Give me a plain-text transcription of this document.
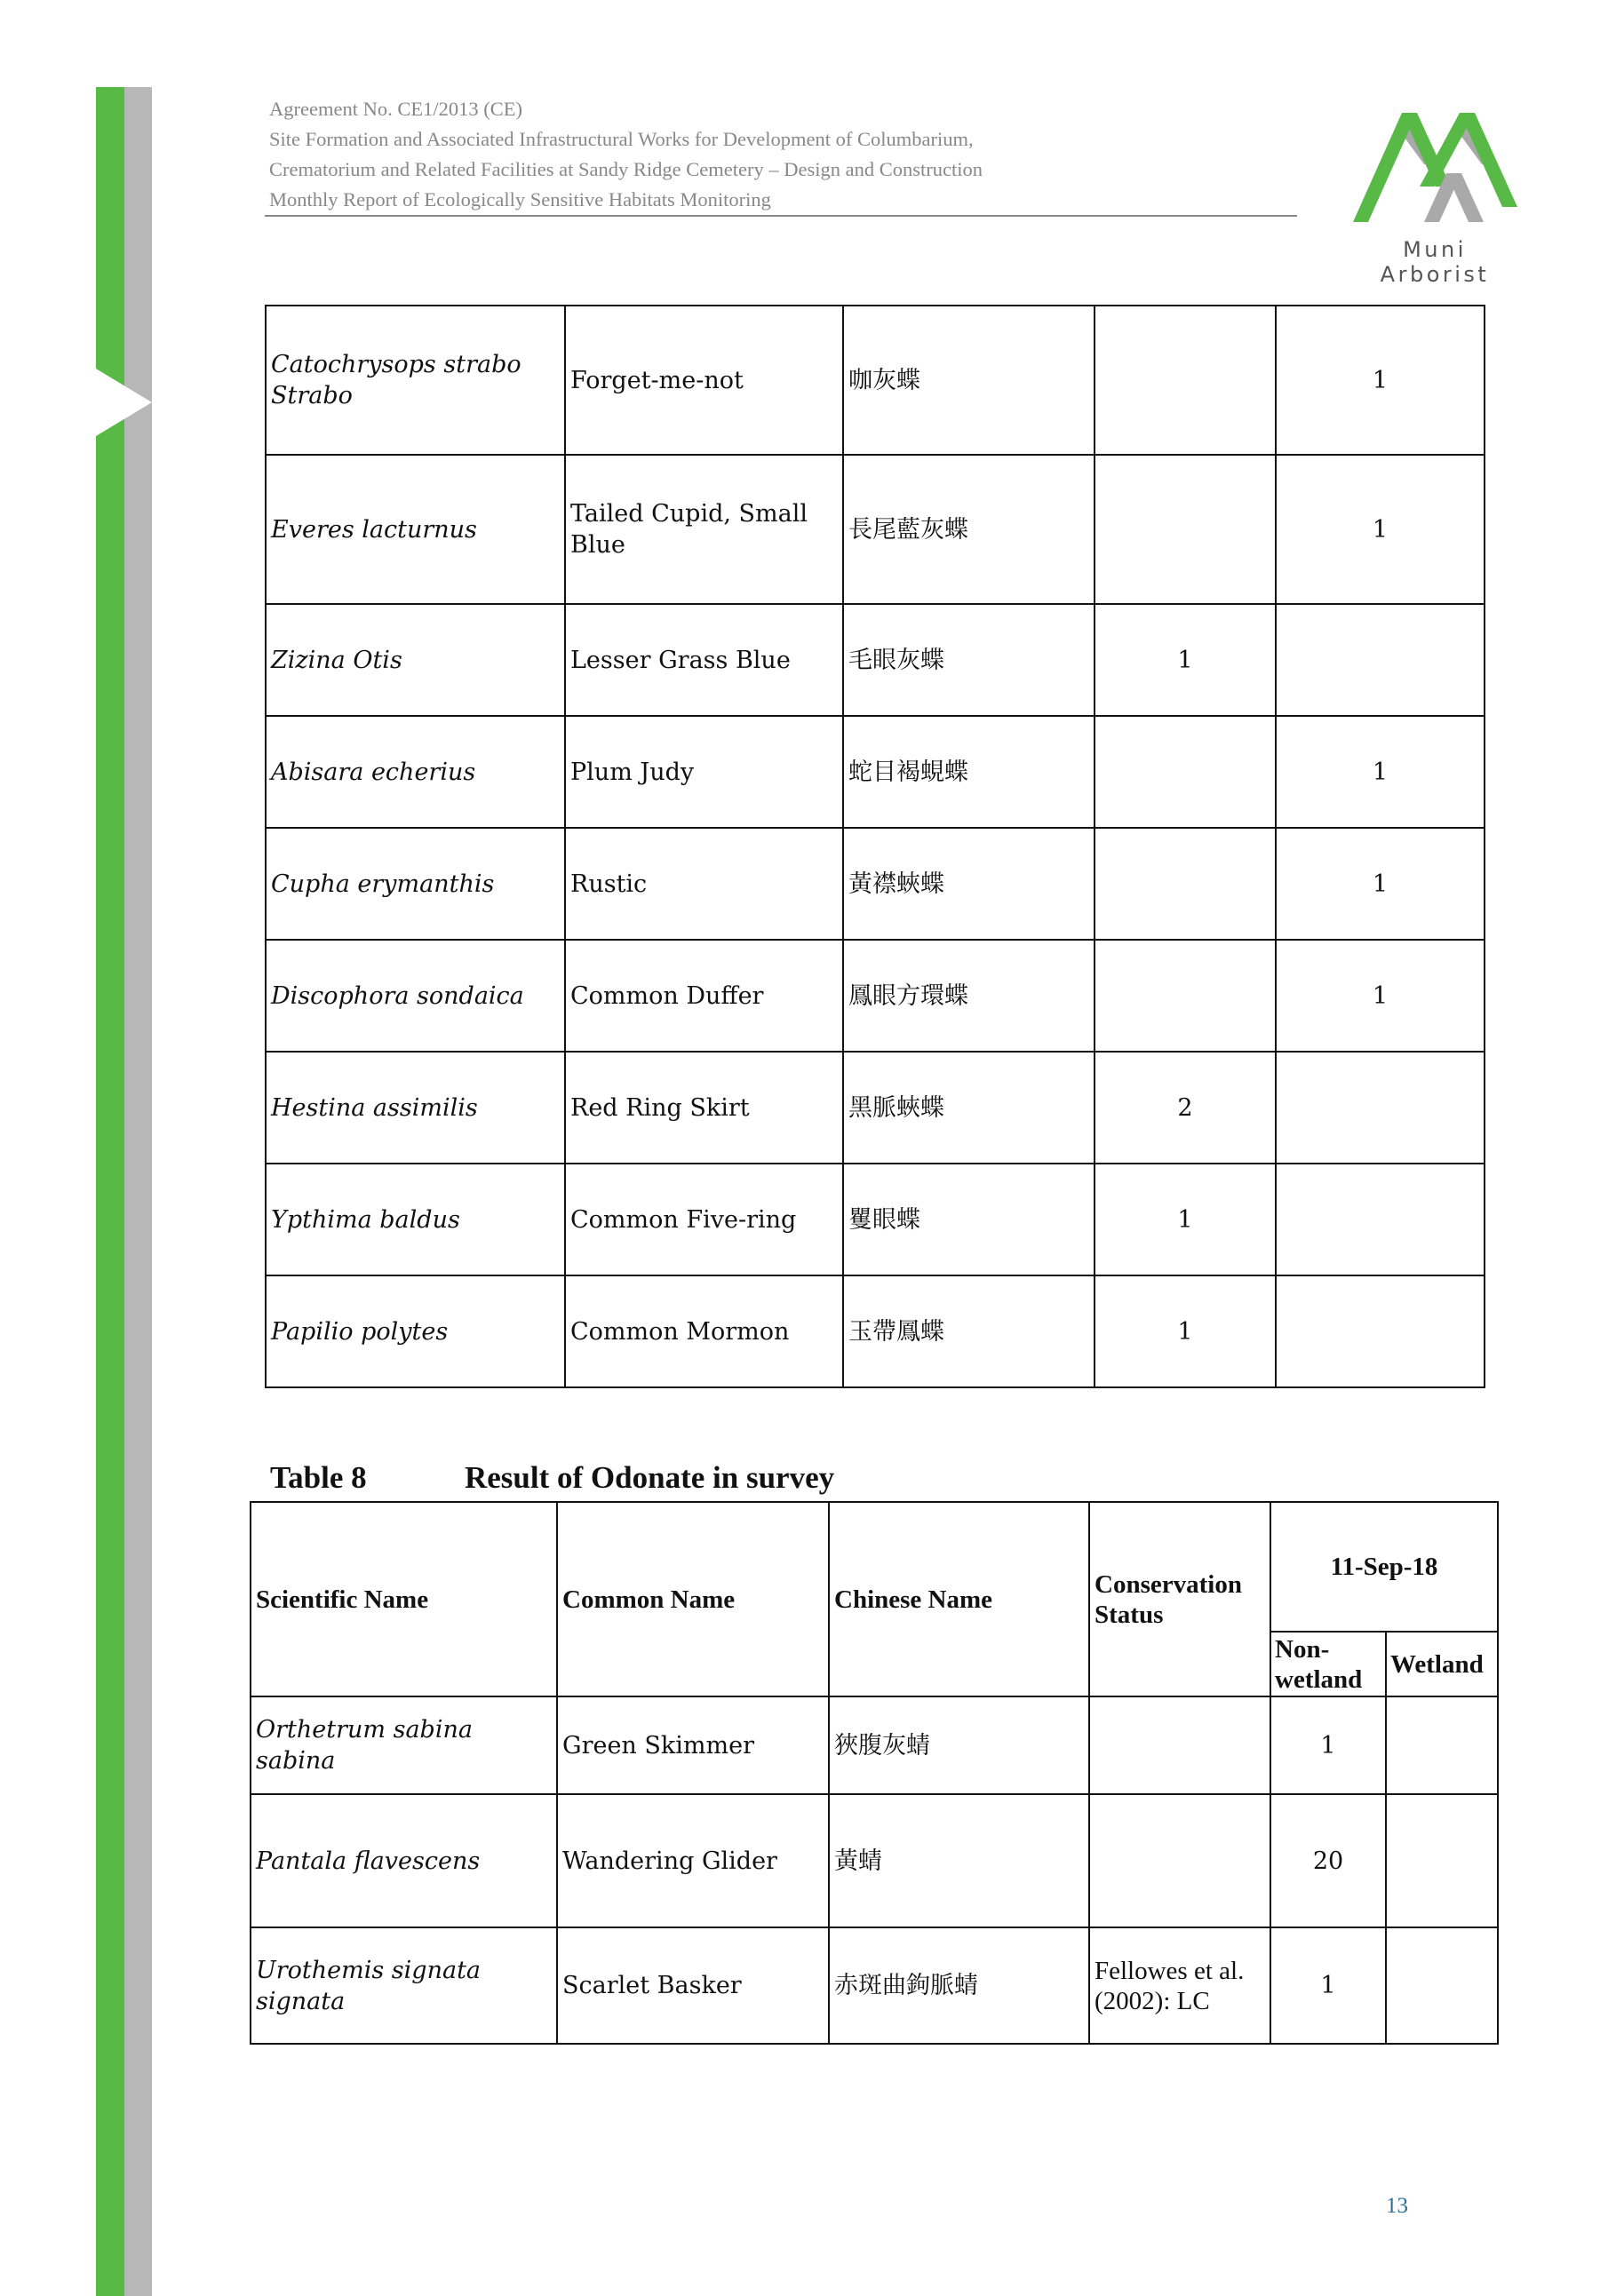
Agreement No. CE1/2013 (CE)
Site Formation and Associated Infrastructural Works for Development of Columbarium,
Crematorium and Related Facilities at Sandy Ridge Cemetery – Design and Construction
Monthly Report of Ecologically Sensitive Habitats Monitoring
Muni Arborist
Catochrysops strabo Strabo	Forget-me-not	咖灰蝶		1
Everes lacturnus	Tailed Cupid, Small Blue	長尾藍灰蝶		1
Zizina Otis	Lesser Grass Blue	毛眼灰蝶	1	
Abisara echerius	Plum Judy	蛇目褐蜆蝶		1
Cupha erymanthis	Rustic	黃襟蛺蝶		1
Discophora sondaica	Common Duffer	鳳眼方環蝶		1
Hestina assimilis	Red Ring Skirt	黑脈蛺蝶	2	
Ypthima baldus	Common Five-ring	矍眼蝶	1	
Papilio polytes	Common Mormon	玉帶鳳蝶	1	
Table 8	Result of Odonate in survey
Scientific Name	Common Name	Chinese Name	Conservation Status	11-Sep-18	
				Non-wetland	Wetland
Orthetrum sabina sabina	Green Skimmer	狹腹灰蜻		1	
Pantala flavescens	Wandering Glider	黃蜻		20	
Urothemis signata signata	Scarlet Basker	赤斑曲鉤脈蜻	Fellowes et al. (2002): LC	1	
13
